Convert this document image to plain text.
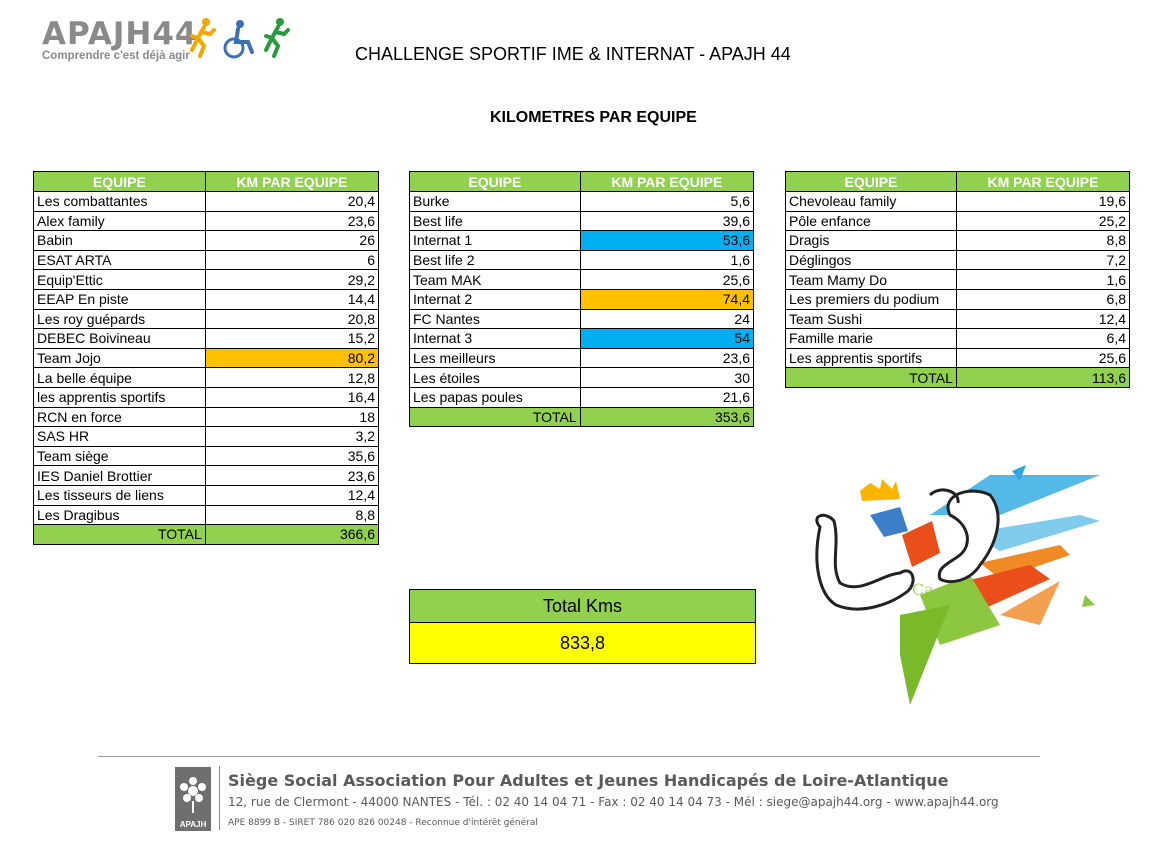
APAJH44
Comprendre c'est déjà agir	CHALLENGE SPORTIF IME & INTERNAT - APAJH 44
KILOMETRES PAR EQUIPE
EQUIPE	KM PAR EQUIPE
Les combattantes	20,4
Alex family	23,6
Babin	26
ESAT ARTA	6
Equip'Ettic	29,2
EEAP En piste	14,4
Les roy guépards	20,8
DEBEC Boivineau	15,2
Team Jojo	80,2
La belle équipe	12,8
les apprentis sportifs	16,4
RCN en force	18
SAS HR	3,2
Team siège	35,6
IES Daniel Brottier	23,6
Les tisseurs de liens	12,4
Les Dragibus	8,8
TOTAL	366,6
EQUIPE	KM PAR EQUIPE
Burke	5,6
Best life	39,6
Internat 1	53,6
Best life 2	1,6
Team MAK	25,6
Internat 2	74,4
FC Nantes	24
Internat 3	54
Les meilleurs	23,6
Les étoiles	30
Les papas poules	21,6
TOTAL	353,6
EQUIPE	KM PAR EQUIPE
Chevoleau family	19,6
Pôle enfance	25,2
Dragis	8,8
Déglingos	7,2
Team Mamy Do	1,6
Les premiers du podium	6,8
Team Sushi	12,4
Famille marie	6,4
Les apprentis sportifs	25,6
TOTAL	113,6
Total Kms
833,8
Ca
APAJH
Siège Social Association Pour Adultes et Jeunes Handicapés de Loire-Atlantique
12, rue de Clermont - 44000 NANTES - Tél. : 02 40 14 04 71 - Fax : 02 40 14 04 73 - Mél : siege@apajh44.org - www.apajh44.org
APE 8899 B - SIRET 786 020 826 00248 - Reconnue d'intérêt général
